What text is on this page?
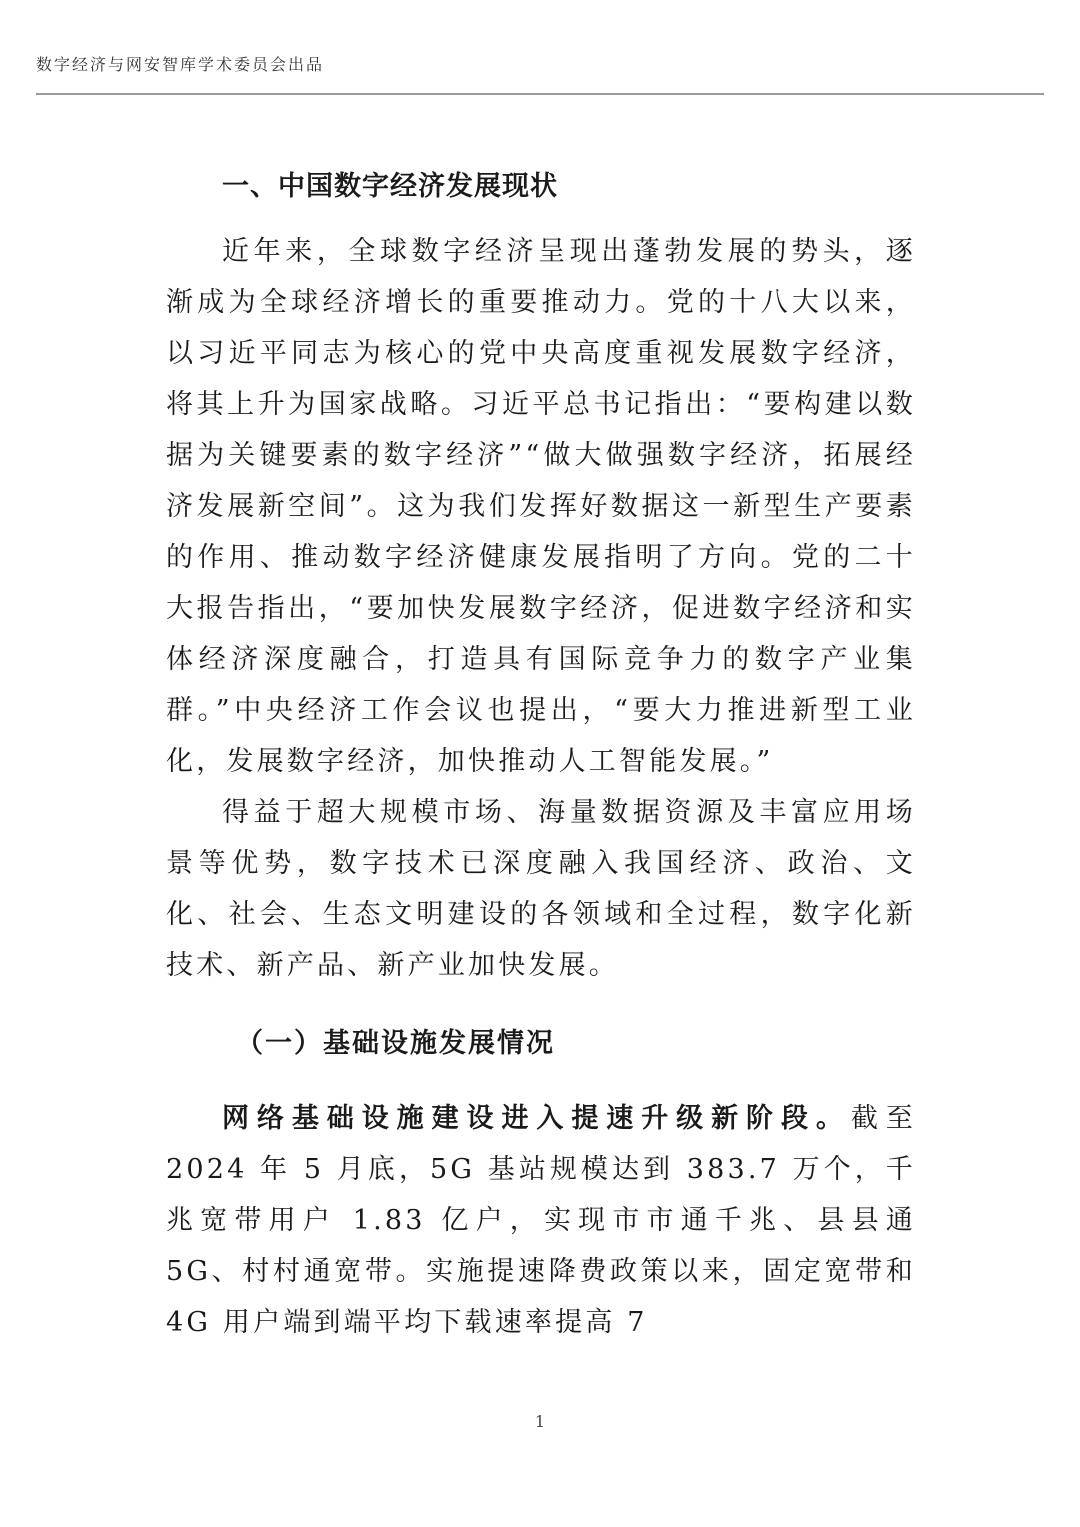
数字经济与网安智库学术委员会出品
一、中国数字经济发展现状

近年来，全球数字经济呈现出蓬勃发展的势头，逐渐成为全球经济增长的重要推动力。党的十八大以来，以习近平同志为核心的党中央高度重视发展数字经济，将其上升为国家战略。习近平总书记指出：“要构建以数据为关键要素的数字经济”“做大做强数字经济，拓展经济发展新空间”。这为我们发挥好数据这一新型生产要素的作用、推动数字经济健康发展指明了方向。党的二十大报告指出，“要加快发展数字经济，促进数字经济和实体经济深度融合，打造具有国际竞争力的数字产业集群。”中央经济工作会议也提出，“要大力推进新型工业化，发展数字经济，加快推动人工智能发展。”

得益于超大规模市场、海量数据资源及丰富应用场景等优势，数字技术已深度融入我国经济、政治、文化、社会、生态文明建设的各领域和全过程，数字化新技术、新产品、新产业加快发展。

（一）基础设施发展情况

网络基础设施建设进入提速升级新阶段。截至 2024 年 5 月底，5G 基站规模达到 383.7 万个，千兆宽带用户 1.83 亿户，实现市市通千兆、县县通 5G、村村通宽带。实施提速降费政策以来，固定宽带和 4G 用户端到端平均下载速率提高 7

1
